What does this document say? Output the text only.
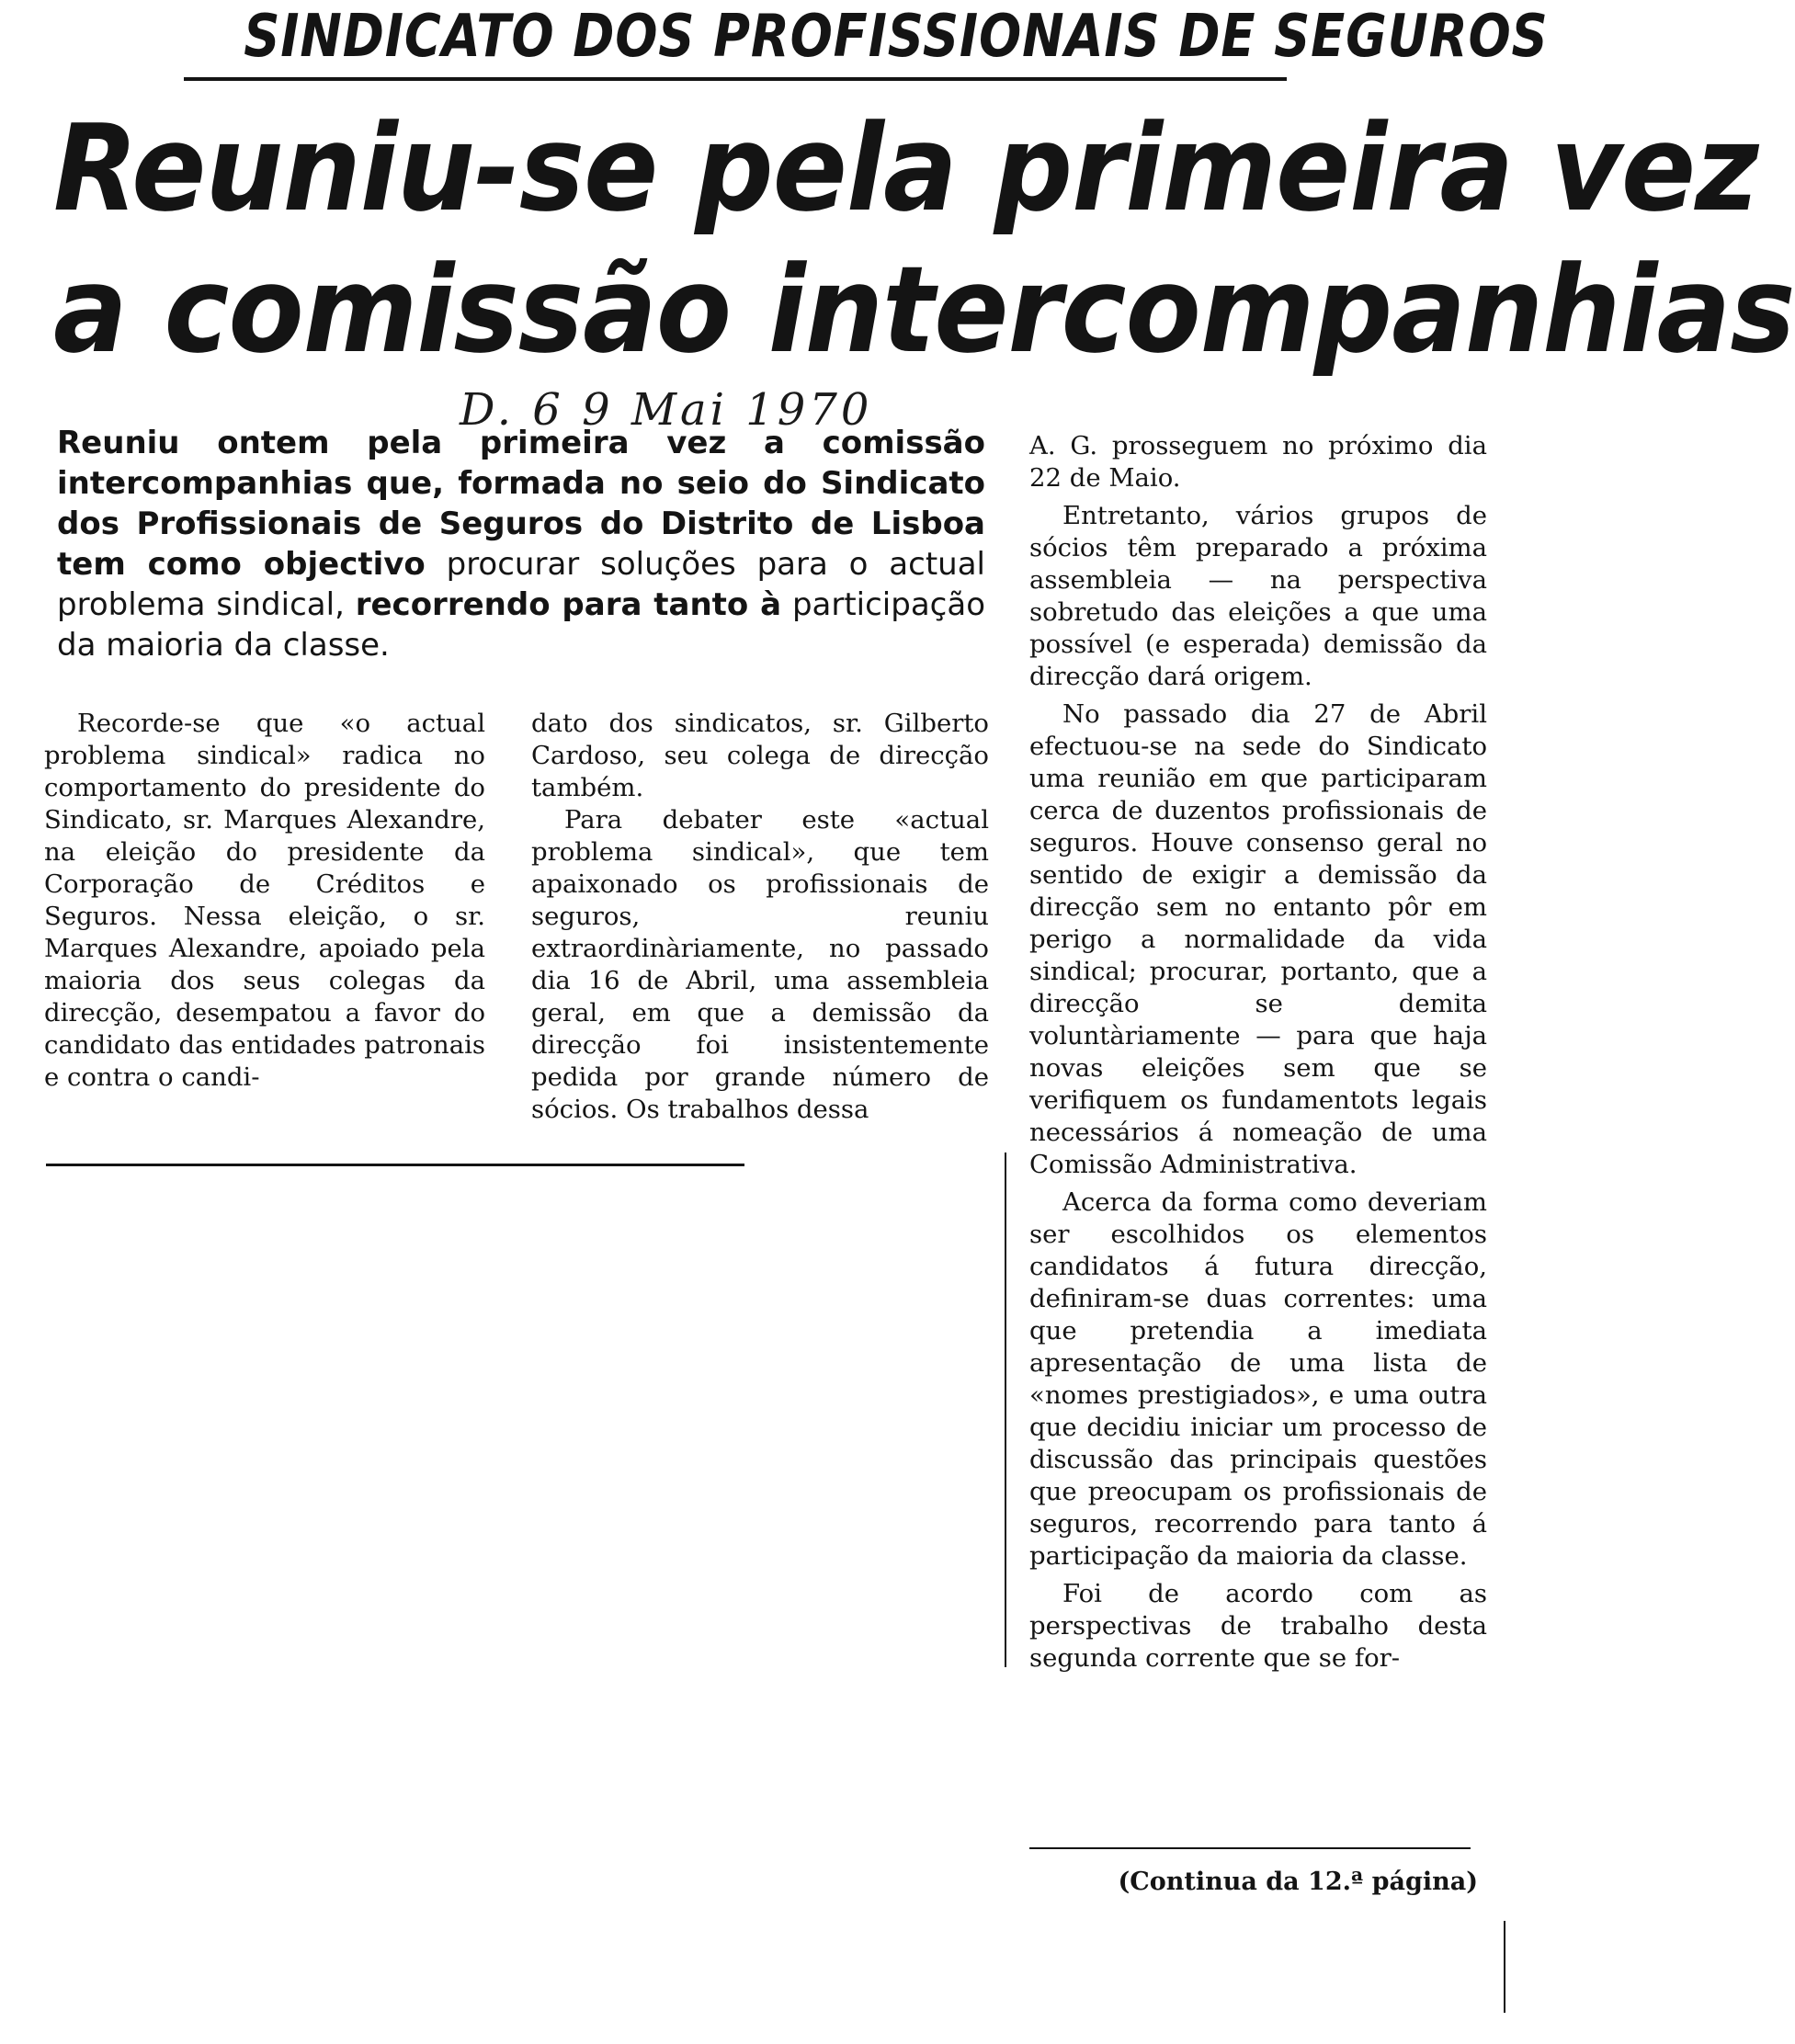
SINDICATO DOS PROFISSIONAIS DE SEGUROS
Reuniu-se pela primeira vez
a comissão intercompanhias
D. 6 9 Mai 1970

Reuniu ontem pela primeira vez a comissão intercompanhias que, formada no seio do Sindicato dos Profissionais de Seguros do Distrito de Lisboa tem como objectivo procurar soluções para o actual problema sindical, recorrendo para tanto à participação da maioria da classe.

Recorde-se que «o actual problema sindical» radica no comportamento do presidente do Sindicato, sr. Marques Alexandre, na eleição do presidente da Corporação de Créditos e Seguros. Nessa eleição, o sr. Marques Alexandre, apoiado pela maioria dos seus colegas da direcção, desempatou a favor do candidato das entidades patronais e contra o candi-

dato dos sindicatos, sr. Gilberto Cardoso, seu colega de direcção também.

Para debater este «actual problema sindical», que tem apaixonado os profissionais de seguros, reuniu extraordinàriamente, no passado dia 16 de Abril, uma assembleia geral, em que a demissão da direcção foi insistentemente pedida por grande número de sócios. Os trabalhos dessa

A. G. prosseguem no próximo dia 22 de Maio.

Entretanto, vários grupos de sócios têm preparado a próxima assembleia — na perspectiva sobretudo das eleições a que uma possível (e esperada) demissão da direcção dará origem.

No passado dia 27 de Abril efectuou-se na sede do Sindicato uma reunião em que participaram cerca de duzentos profissionais de seguros. Houve consenso geral no sentido de exigir a demissão da direcção sem no entanto pôr em perigo a normalidade da vida sindical; procurar, portanto, que a direcção se demita voluntàriamente — para que haja novas eleições sem que se verifiquem os fundamentots legais necessários á nomeação de uma Comissão Administrativa.

Acerca da forma como deveriam ser escolhidos os elementos candidatos á futura direcção, definiram-se duas correntes: uma que pretendia a imediata apresentação de uma lista de «nomes prestigiados», e uma outra que decidiu iniciar um processo de discussão das principais questões que preocupam os profissionais de seguros, recorrendo para tanto á participação da maioria da classe.

Foi de acordo com as perspectivas de trabalho desta segunda corrente que se for-

(Continua da 12.ª página)
